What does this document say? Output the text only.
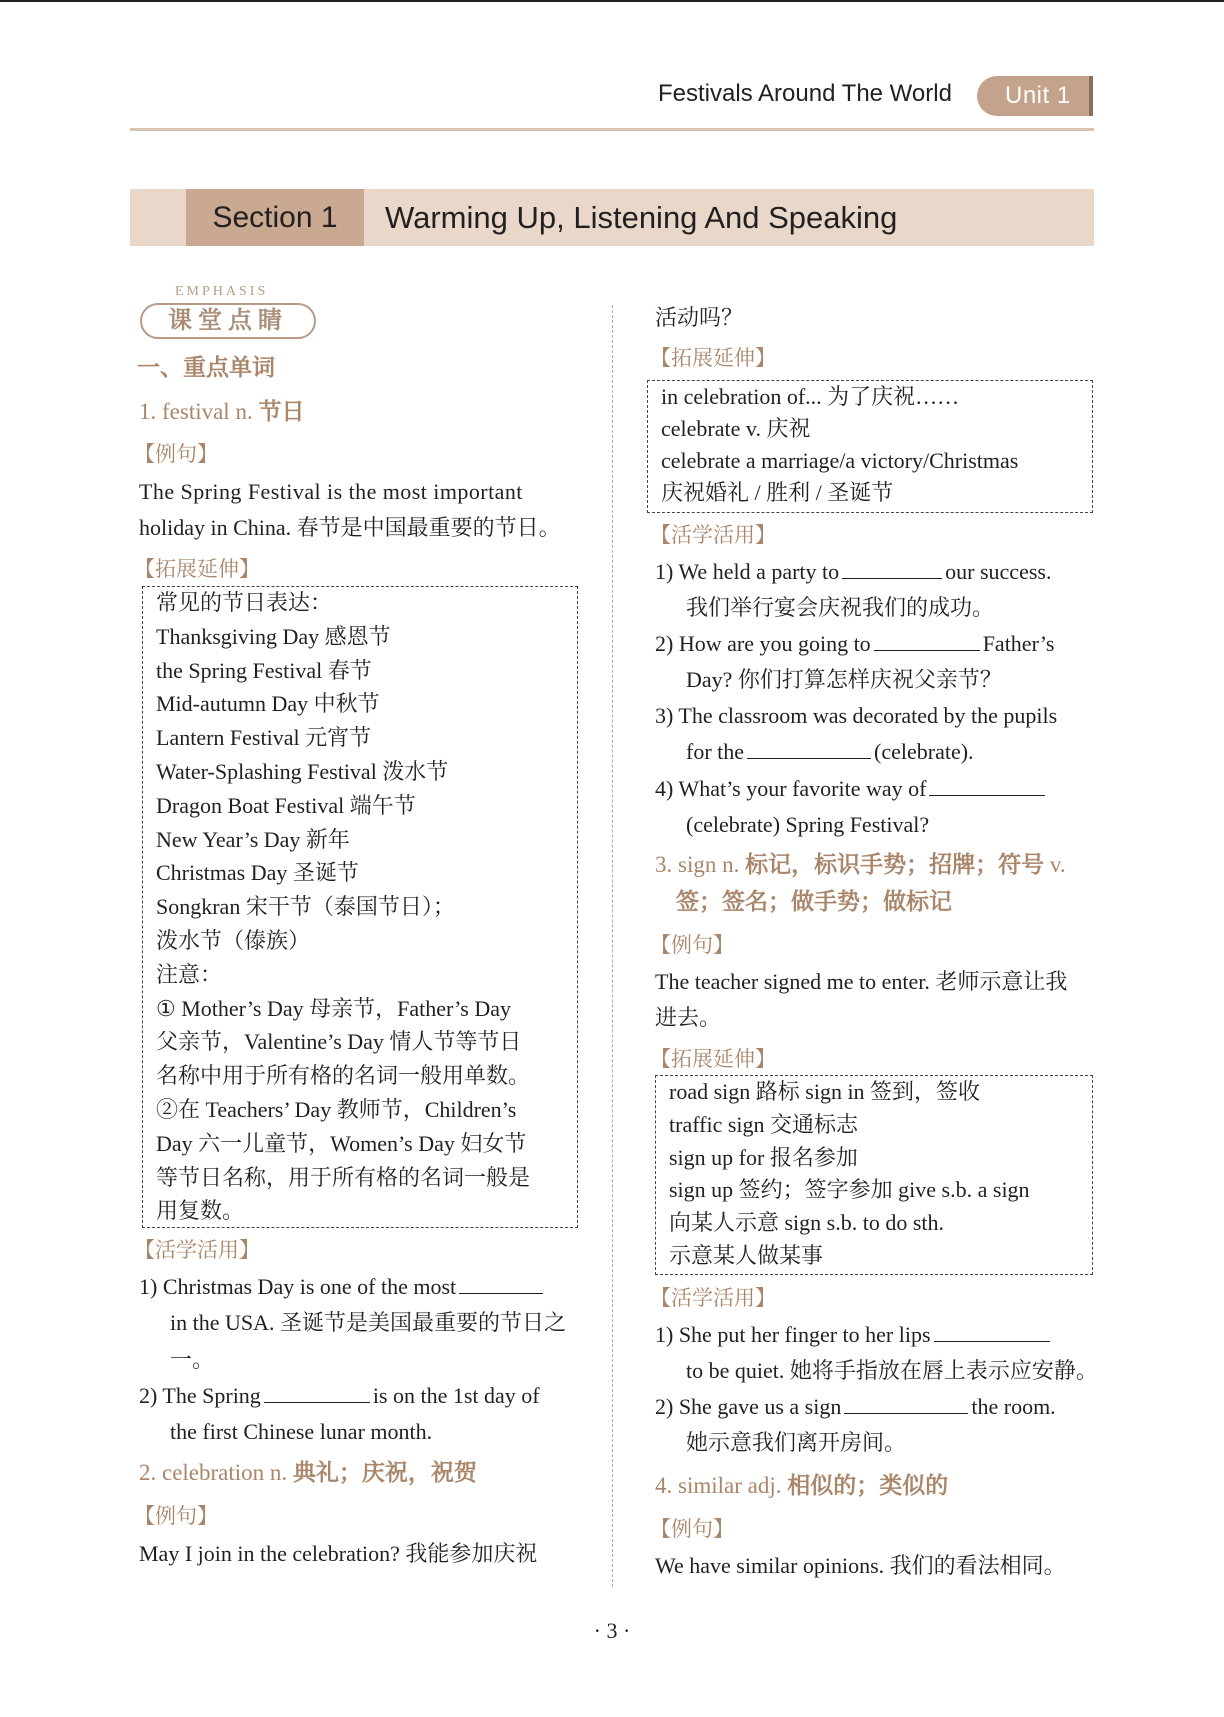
Festivals Around The World	Unit 1
Section 1	Warming Up, Listening And Speaking
EMPHASIS
课堂点睛
一、重点单词
1. festival n. 节日
【例句】
The Spring Festival is the most important
holiday in China. 春节是中国最重要的节日。
【拓展延伸】
常见的节日表达：
Thanksgiving Day 感恩节
the Spring Festival 春节
Mid-autumn Day 中秋节
Lantern Festival 元宵节
Water-Splashing Festival 泼水节
Dragon Boat Festival 端午节
New Year’s Day 新年
Christmas Day 圣诞节
Songkran 宋干节（泰国节日）；
泼水节（傣族）
注意：
① Mother’s Day 母亲节，Father’s Day
父亲节，Valentine’s Day 情人节等节日
名称中用于所有格的名词一般用单数。
②在 Teachers’ Day 教师节，Children’s
Day 六一儿童节，Women’s Day 妇女节
等节日名称，用于所有格的名词一般是
用复数。
【活学活用】
1) Christmas Day is one of the most
in the USA. 圣诞节是美国最重要的节日之
一。
2) The Spring	is on the 1st day of
the first Chinese lunar month.
2. celebration n. 典礼；庆祝，祝贺
【例句】
May I join in the celebration? 我能参加庆祝
活动吗？
【拓展延伸】
in celebration of... 为了庆祝……
celebrate v. 庆祝
celebrate a marriage/a victory/Christmas
庆祝婚礼 / 胜利 / 圣诞节
【活学活用】
1) We held a party to	our success.
我们举行宴会庆祝我们的成功。
2) How are you going to	Father’s
Day? 你们打算怎样庆祝父亲节？
3) The classroom was decorated by the pupils
for the	(celebrate).
4) What’s your favorite way of
(celebrate) Spring Festival?
3. sign n. 标记，标识手势；招牌；符号 v.
签；签名；做手势；做标记
【例句】
The teacher signed me to enter. 老师示意让我
进去。
【拓展延伸】
road sign 路标 sign in 签到，签收
traffic sign 交通标志
sign up for 报名参加
sign up 签约；签字参加 give s.b. a sign
向某人示意 sign s.b. to do sth.
示意某人做某事
【活学活用】
1) She put her finger to her lips
to be quiet. 她将手指放在唇上表示应安静。
2) She gave us a sign	the room.
她示意我们离开房间。
4. similar adj. 相似的；类似的
【例句】
We have similar opinions. 我们的看法相同。
· 3 ·
